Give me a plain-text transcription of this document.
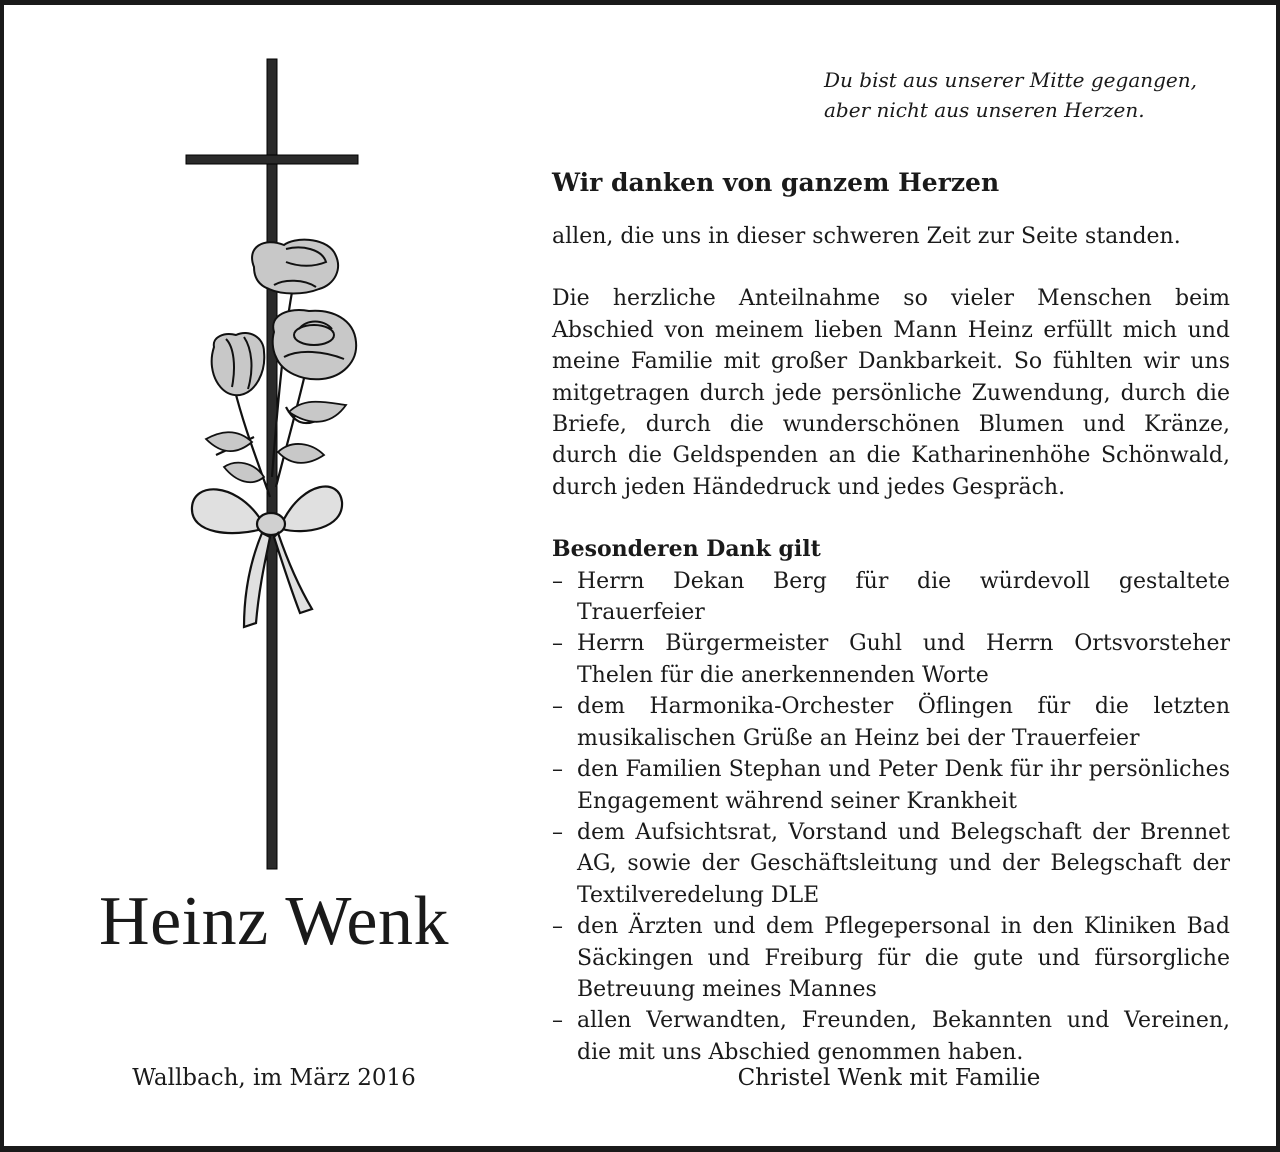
Heinz Wenk
Wallbach, im März 2016
Du bist aus unserer Mitte gegangen,
aber nicht aus unseren Herzen.
Wir danken von ganzem Herzen

allen, die uns in dieser schweren Zeit zur Seite standen.

Die herzliche Anteilnahme so vieler Menschen beim Abschied von meinem lieben Mann Heinz erfüllt mich und meine Familie mit großer Dankbarkeit. So fühlten wir uns mitgetragen durch jede persönliche Zuwendung, durch die Briefe, durch die wunderschönen Blumen und Kränze, durch die Geldspenden an die Katharinenhöhe Schönwald, durch jeden Händedruck und jedes Gespräch.

Besonderen Dank gilt

– Herrn Dekan Berg für die würdevoll gestaltete Trauerfeier
– Herrn Bürgermeister Guhl und Herrn Ortsvorsteher Thelen für die anerkennenden Worte
– dem Harmonika-Orchester Öflingen für die letzten musikalischen Grüße an Heinz bei der Trauerfeier
– den Familien Stephan und Peter Denk für ihr persönliches Engagement während seiner Krankheit
– dem Aufsichtsrat, Vorstand und Belegschaft der Brennet AG, sowie der Geschäftsleitung und der Belegschaft der Textilveredelung DLE
– den Ärzten und dem Pflegepersonal in den Kliniken Bad Säckingen und Freiburg für die gute und fürsorgliche Betreuung meines Mannes
– allen Verwandten, Freunden, Bekannten und Vereinen, die mit uns Abschied genommen haben.
Christel Wenk mit Familie
